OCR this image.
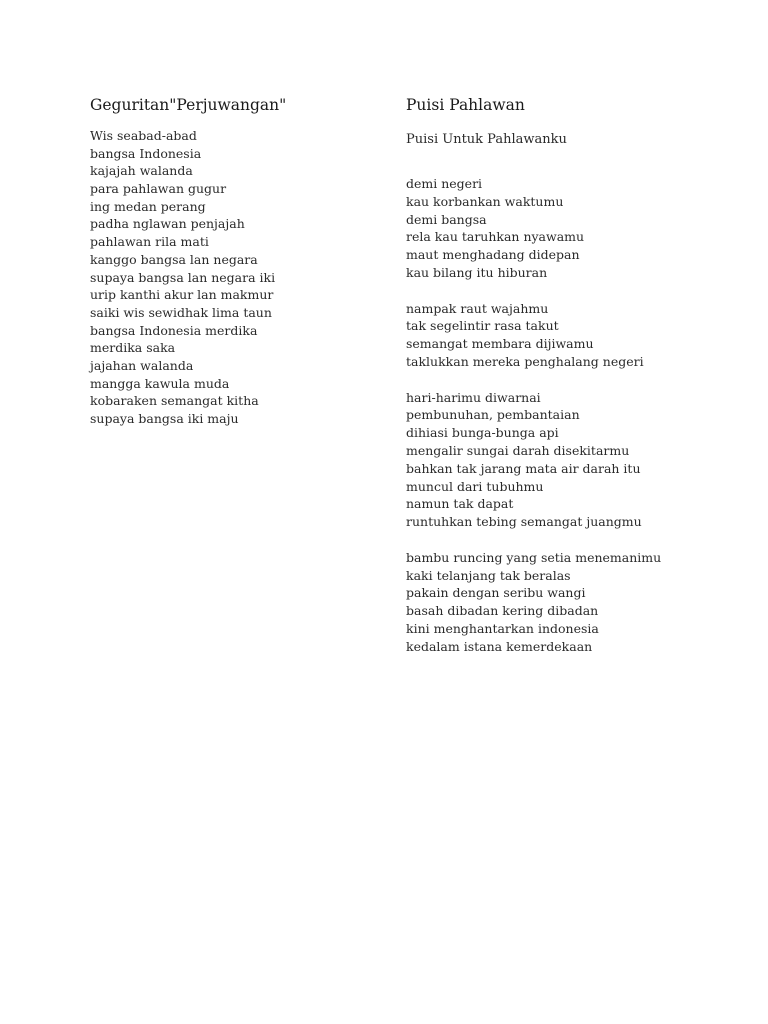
Geguritan"Perjuwangan"
Wis seabad-abad
bangsa Indonesia
kajajah walanda
para pahlawan gugur
ing medan perang
padha nglawan penjajah
pahlawan rila mati
kanggo bangsa lan negara
supaya bangsa lan negara iki
urip kanthi akur lan makmur
saiki wis sewidhak lima taun
bangsa Indonesia merdika
merdika saka
jajahan walanda
mangga kawula muda
kobaraken semangat kitha
supaya bangsa iki maju
Puisi Pahlawan
Puisi Untuk Pahlawanku
demi negeri
kau korbankan waktumu
demi bangsa
rela kau taruhkan nyawamu
maut menghadang didepan
kau bilang itu hiburan
nampak raut wajahmu
tak segelintir rasa takut
semangat membara dijiwamu
taklukkan mereka penghalang negeri
hari-harimu diwarnai
pembunuhan, pembantaian
dihiasi bunga-bunga api
mengalir sungai darah disekitarmu
bahkan tak jarang mata air darah itu
muncul dari tubuhmu
namun tak dapat
runtuhkan tebing semangat juangmu
bambu runcing yang setia menemanimu
kaki telanjang tak beralas
pakain dengan seribu wangi
basah dibadan kering dibadan
kini menghantarkan indonesia
kedalam istana kemerdekaan
